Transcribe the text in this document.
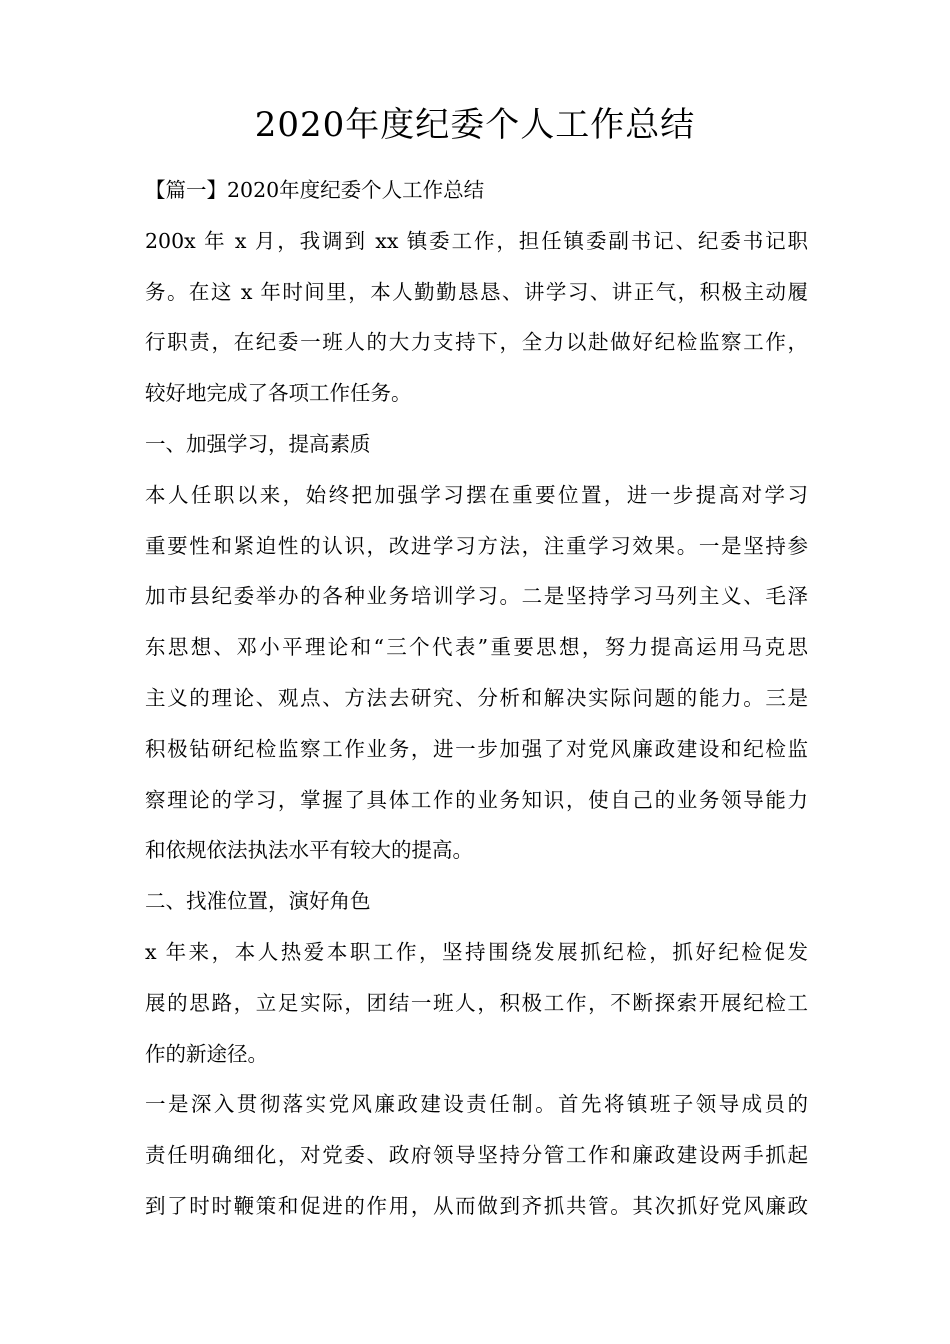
2020年度纪委个人工作总结
【篇一】2020年度纪委个人工作总结
200x 年 x 月，我调到 xx 镇委工作，担任镇委副书记、纪委书记职
务。在这 x 年时间里，本人勤勤恳恳、讲学习、讲正气，积极主动履
行职责，在纪委一班人的大力支持下，全力以赴做好纪检监察工作，
较好地完成了各项工作任务。
一、加强学习，提高素质
本人任职以来，始终把加强学习摆在重要位置，进一步提高对学习
重要性和紧迫性的认识，改进学习方法，注重学习效果。一是坚持参
加市县纪委举办的各种业务培训学习。二是坚持学习马列主义、毛泽
东思想、邓小平理论和“三个代表”重要思想，努力提高运用马克思
主义的理论、观点、方法去研究、分析和解决实际问题的能力。三是
积极钻研纪检监察工作业务，进一步加强了对党风廉政建设和纪检监
察理论的学习，掌握了具体工作的业务知识，使自己的业务领导能力
和依规依法执法水平有较大的提高。
二、找准位置，演好角色
x 年来，本人热爱本职工作，坚持围绕发展抓纪检，抓好纪检促发
展的思路，立足实际，团结一班人，积极工作，不断探索开展纪检工
作的新途径。
一是深入贯彻落实党风廉政建设责任制。首先将镇班子领导成员的
责任明确细化，对党委、政府领导坚持分管工作和廉政建设两手抓起
到了时时鞭策和促进的作用，从而做到齐抓共管。其次抓好党风廉政
